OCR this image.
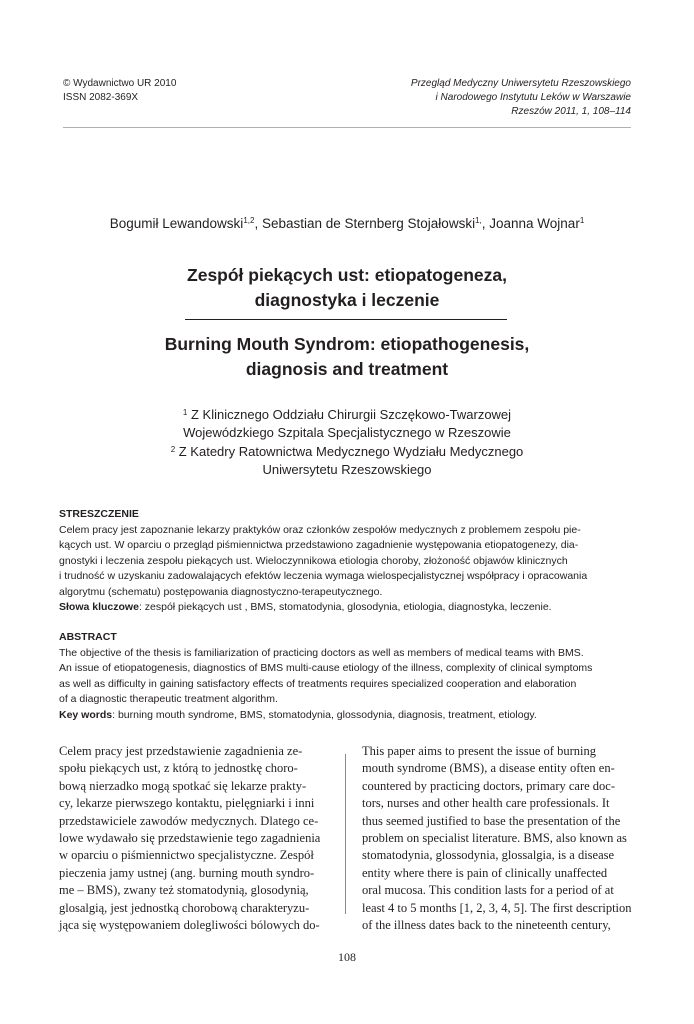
© Wydawnictwo UR 2010
ISSN 2082-369X
Przegląd Medyczny Uniwersytetu Rzeszowskiego
i Narodowego Instytutu Leków w Warszawie
Rzeszów 2011, 1, 108–114
Bogumił Lewandowski$^{1,2}$, Sebastian de Sternberg Stojałowski$^{1,}$, Joanna Wojnar$^1$
Zespół piekących ust: etiopatogeneza,
diagnostyka i leczenie
Burning Mouth Syndrom: etiopathogenesis,
diagnosis and treatment
$^1$ Z Klinicznego Oddziału Chirurgii Szczękowo-Twarzowej
Wojewódzkiego Szpitala Specjalistycznego w Rzeszowie
$^2$ Z Katedry Ratownictwa Medycznego Wydziału Medycznego
Uniwersytetu Rzeszowskiego
STRESZCZENIE
Celem pracy jest zapoznanie lekarzy praktyków oraz członków zespołów medycznych z problemem zespołu pie-
kących ust. W oparciu o przegląd piśmiennictwa przedstawiono zagadnienie występowania etiopatogenezy, dia-
gnostyki i leczenia zespołu piekących ust. Wieloczynnikowa etiologia choroby, złożoność objawów klinicznych
i trudność w uzyskaniu zadowalających efektów leczenia wymaga wielospecjalistycznej współpracy i opracowania
algorytmu (schematu) postępowania diagnostyczno-terapeutycznego.
Słowa kluczowe: zespół piekących ust , BMS, stomatodynia, glosodynia, etiologia, diagnostyka, leczenie.
ABSTRACT
The objective of the thesis is familiarization of practicing doctors as well as members of medical teams with BMS.
An issue of etiopatogenesis, diagnostics of BMS multi-cause etiology of the illness, complexity of clinical symptoms
as well as difficulty in gaining satisfactory effects of treatments requires specialized cooperation and elaboration
of a diagnostic therapeutic treatment algorithm.
Key words: burning mouth syndrome, BMS, stomatodynia, glossodynia, diagnosis, treatment, etiology.
Celem pracy jest przedstawienie zagadnienia ze-
społu piekących ust, z którą to jednostkę choro-
bową nierzadko mogą spotkać się lekarze prakty-
cy, lekarze pierwszego kontaktu, pielęgniarki i inni
przedstawiciele zawodów medycznych. Dlatego ce-
lowe wydawało się przedstawienie tego zagadnienia
w oparciu o piśmiennictwo specjalistyczne. Zespół
pieczenia jamy ustnej (ang. burning mouth syndro-
me – BMS), zwany też stomatodynią, glosodynią,
glosalgią, jest jednostką chorobową charakteryzu-
jąca się występowaniem dolegliwości bólowych do-
This paper aims to present the issue of burning
mouth syndrome (BMS), a disease entity often en-
countered by practicing doctors, primary care doc-
tors, nurses and other health care professionals. It
thus seemed justified to base the presentation of the
problem on specialist literature. BMS, also known as
stomatodynia, glossodynia, glossalgia, is a disease
entity where there is pain of clinically unaffected
oral mucosa. This condition lasts for a period of at
least 4 to 5 months [1, 2, 3, 4, 5]. The first description
of the illness dates back to the nineteenth century,
108
